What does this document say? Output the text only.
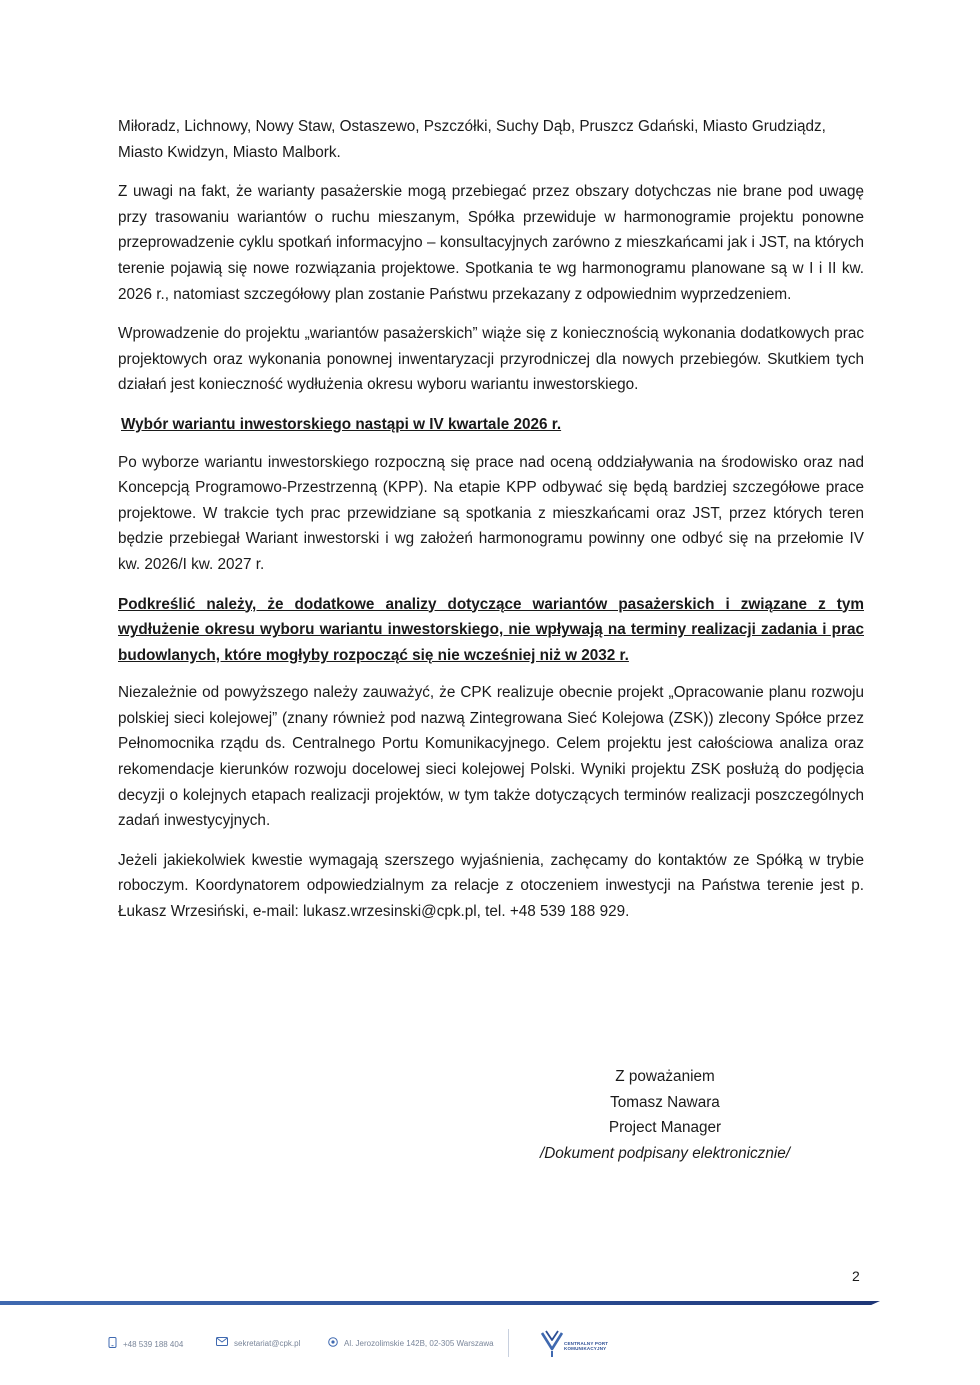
Miłoradz, Lichnowy, Nowy Staw, Ostaszewo, Pszczółki, Suchy Dąb, Pruszcz Gdański, Miasto Grudziądz, Miasto Kwidzyn, Miasto Malbork.

Z uwagi na fakt, że warianty pasażerskie mogą przebiegać przez obszary dotychczas nie brane pod uwagę przy trasowaniu wariantów o ruchu mieszanym, Spółka przewiduje w harmonogramie projektu ponowne przeprowadzenie cyklu spotkań informacyjno – konsultacyjnych zarówno z mieszkańcami jak i JST, na których terenie pojawią się nowe rozwiązania projektowe. Spotkania te wg harmonogramu planowane są w I i II kw. 2026 r., natomiast szczegółowy plan zostanie Państwu przekazany z odpowiednim wyprzedzeniem.

Wprowadzenie do projektu „wariantów pasażerskich” wiąże się z koniecznością wykonania dodatkowych prac projektowych oraz wykonania ponownej inwentaryzacji przyrodniczej dla nowych przebiegów. Skutkiem tych działań jest konieczność wydłużenia okresu wyboru wariantu inwestorskiego.

Wybór wariantu inwestorskiego nastąpi w IV kwartale 2026 r.

Po wyborze wariantu inwestorskiego rozpoczną się prace nad oceną oddziaływania na środowisko oraz nad Koncepcją Programowo-Przestrzenną (KPP). Na etapie KPP odbywać się będą bardziej szczegółowe prace projektowe. W trakcie tych prac przewidziane są spotkania z mieszkańcami oraz JST, przez których teren będzie przebiegał Wariant inwestorski i wg założeń harmonogramu powinny one odbyć się na przełomie IV kw. 2026/I kw. 2027 r.

Podkreślić należy, że dodatkowe analizy dotyczące wariantów pasażerskich i związane z tym wydłużenie okresu wyboru wariantu inwestorskiego, nie wpływają na terminy realizacji zadania i prac budowlanych, które mogłyby rozpocząć się nie wcześniej niż w 2032 r.

Niezależnie od powyższego należy zauważyć, że CPK realizuje obecnie projekt „Opracowanie planu rozwoju polskiej sieci kolejowej” (znany również pod nazwą Zintegrowana Sieć Kolejowa (ZSK)) zlecony Spółce przez Pełnomocnika rządu ds. Centralnego Portu Komunikacyjnego. Celem projektu jest całościowa analiza oraz rekomendacje kierunków rozwoju docelowej sieci kolejowej Polski. Wyniki projektu ZSK posłużą do podjęcia decyzji o kolejnych etapach realizacji projektów, w tym także dotyczących terminów realizacji poszczególnych zadań inwestycyjnych.

Jeżeli jakiekolwiek kwestie wymagają szerszego wyjaśnienia, zachęcamy do kontaktów ze Spółką w trybie roboczym. Koordynatorem odpowiedzialnym za relacje z otoczeniem inwestycji na Państwa terenie jest p. Łukasz Wrzesiński, e-mail: lukasz.wrzesinski@cpk.pl, tel. +48 539 188 929.

Z poważaniem
Tomasz Nawara
Project Manager
/Dokument podpisany elektronicznie/
2
+48 539 188 404	sekretariat@cpk.pl	Al. Jerozolimskie 142B, 02-305 Warszawa	CENTRALNY PORT
KOMUNIKACYJNY
